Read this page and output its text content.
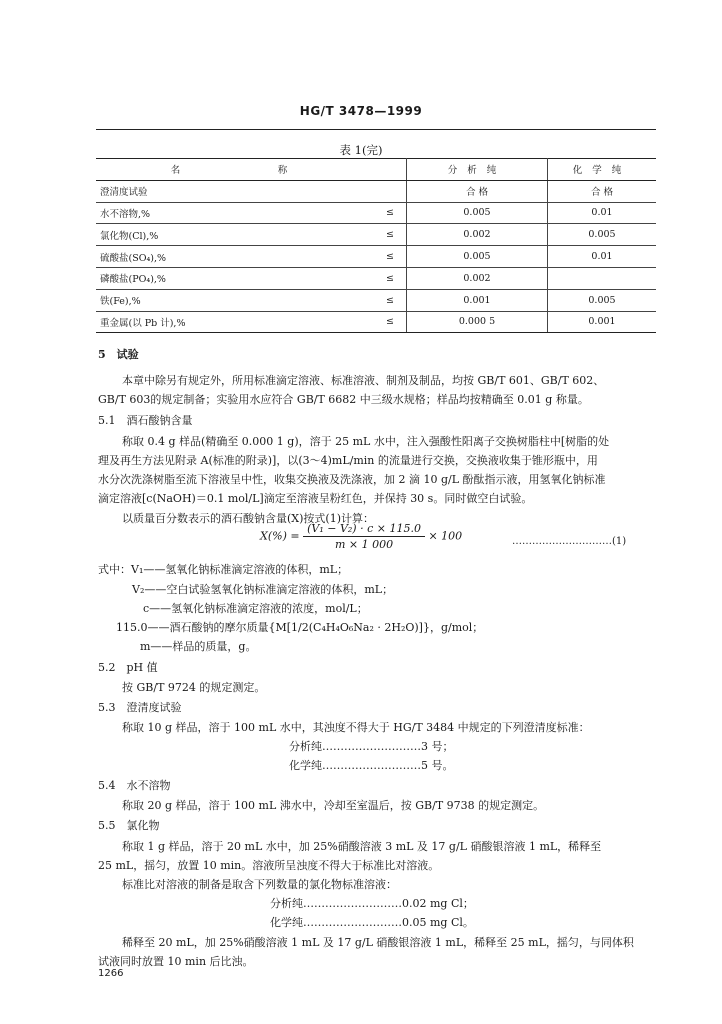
HG/T 3478—1999
表 1(完)
名　称		分析纯	化学纯
澄清度试验		合 格	合 格
水不溶物,%	≤	0.005	0.01
氯化物(Cl),%	≤	0.002	0.005
硫酸盐(SO₄),%	≤	0.005	0.01
磷酸盐(PO₄),%	≤	0.002	
铁(Fe),%	≤	0.001	0.005
重金属(以 Pb 计),%	≤	0.000 5	0.001
5　试验
本章中除另有规定外，所用标准滴定溶液、标准溶液、制剂及制品，均按 GB/T 601、GB/T 602、
GB/T 603的规定制备；实验用水应符合 GB/T 6682 中三级水规格；样品均按精确至 0.01 g 称量。
5.1　酒石酸钠含量
称取 0.4 g 样品(精确至 0.000 1 g)，溶于 25 mL 水中，注入强酸性阳离子交换树脂柱中[树脂的处
理及再生方法见附录 A(标准的附录)]，以(3～4)mL/min 的流量进行交换，交换液收集于锥形瓶中，用
水分次洗涤树脂至流下溶液呈中性，收集交换液及洗涤液，加 2 滴 10 g/L 酚酞指示液，用氢氧化钠标准
滴定溶液[c(NaOH)＝0.1 mol/L]滴定至溶液呈粉红色，并保持 30 s。同时做空白试验。
以质量百分数表示的酒石酸钠含量(X)按式(1)计算：
$X(\%) = \frac{\text{(V₁ − V₂) · c × 115.0}}{m \times 1 000} \times 100$	…………………………(1)
式中：V₁——氢氧化钠标准滴定溶液的体积，mL；
V₂——空白试验氢氧化钠标准滴定溶液的体积，mL；
c——氢氧化钠标准滴定溶液的浓度，mol/L；
115.0——酒石酸钠的摩尔质量{M[1/2(C₄H₄O₆Na₂ · 2H₂O)]}，g/mol；
m——样品的质量，g。
5.2　pH 值
按 GB/T 9724 的规定测定。
5.3　澄清度试验
称取 10 g 样品，溶于 100 mL 水中，其浊度不得大于 HG/T 3484 中规定的下列澄清度标准：
分析纯………………………3 号；
化学纯………………………5 号。
5.4　水不溶物
称取 20 g 样品，溶于 100 mL 沸水中，冷却至室温后，按 GB/T 9738 的规定测定。
5.5　氯化物
称取 1 g 样品，溶于 20 mL 水中，加 25%硝酸溶液 3 mL 及 17 g/L 硝酸银溶液 1 mL，稀释至
25 mL，摇匀，放置 10 min。溶液所呈浊度不得大于标准比对溶液。
标准比对溶液的制备是取含下列数量的氯化物标准溶液：
分析纯………………………0.02 mg Cl；
化学纯………………………0.05 mg Cl。
稀释至 20 mL，加 25%硝酸溶液 1 mL 及 17 g/L 硝酸银溶液 1 mL，稀释至 25 mL，摇匀，与同体积
试液同时放置 10 min 后比浊。
1266
